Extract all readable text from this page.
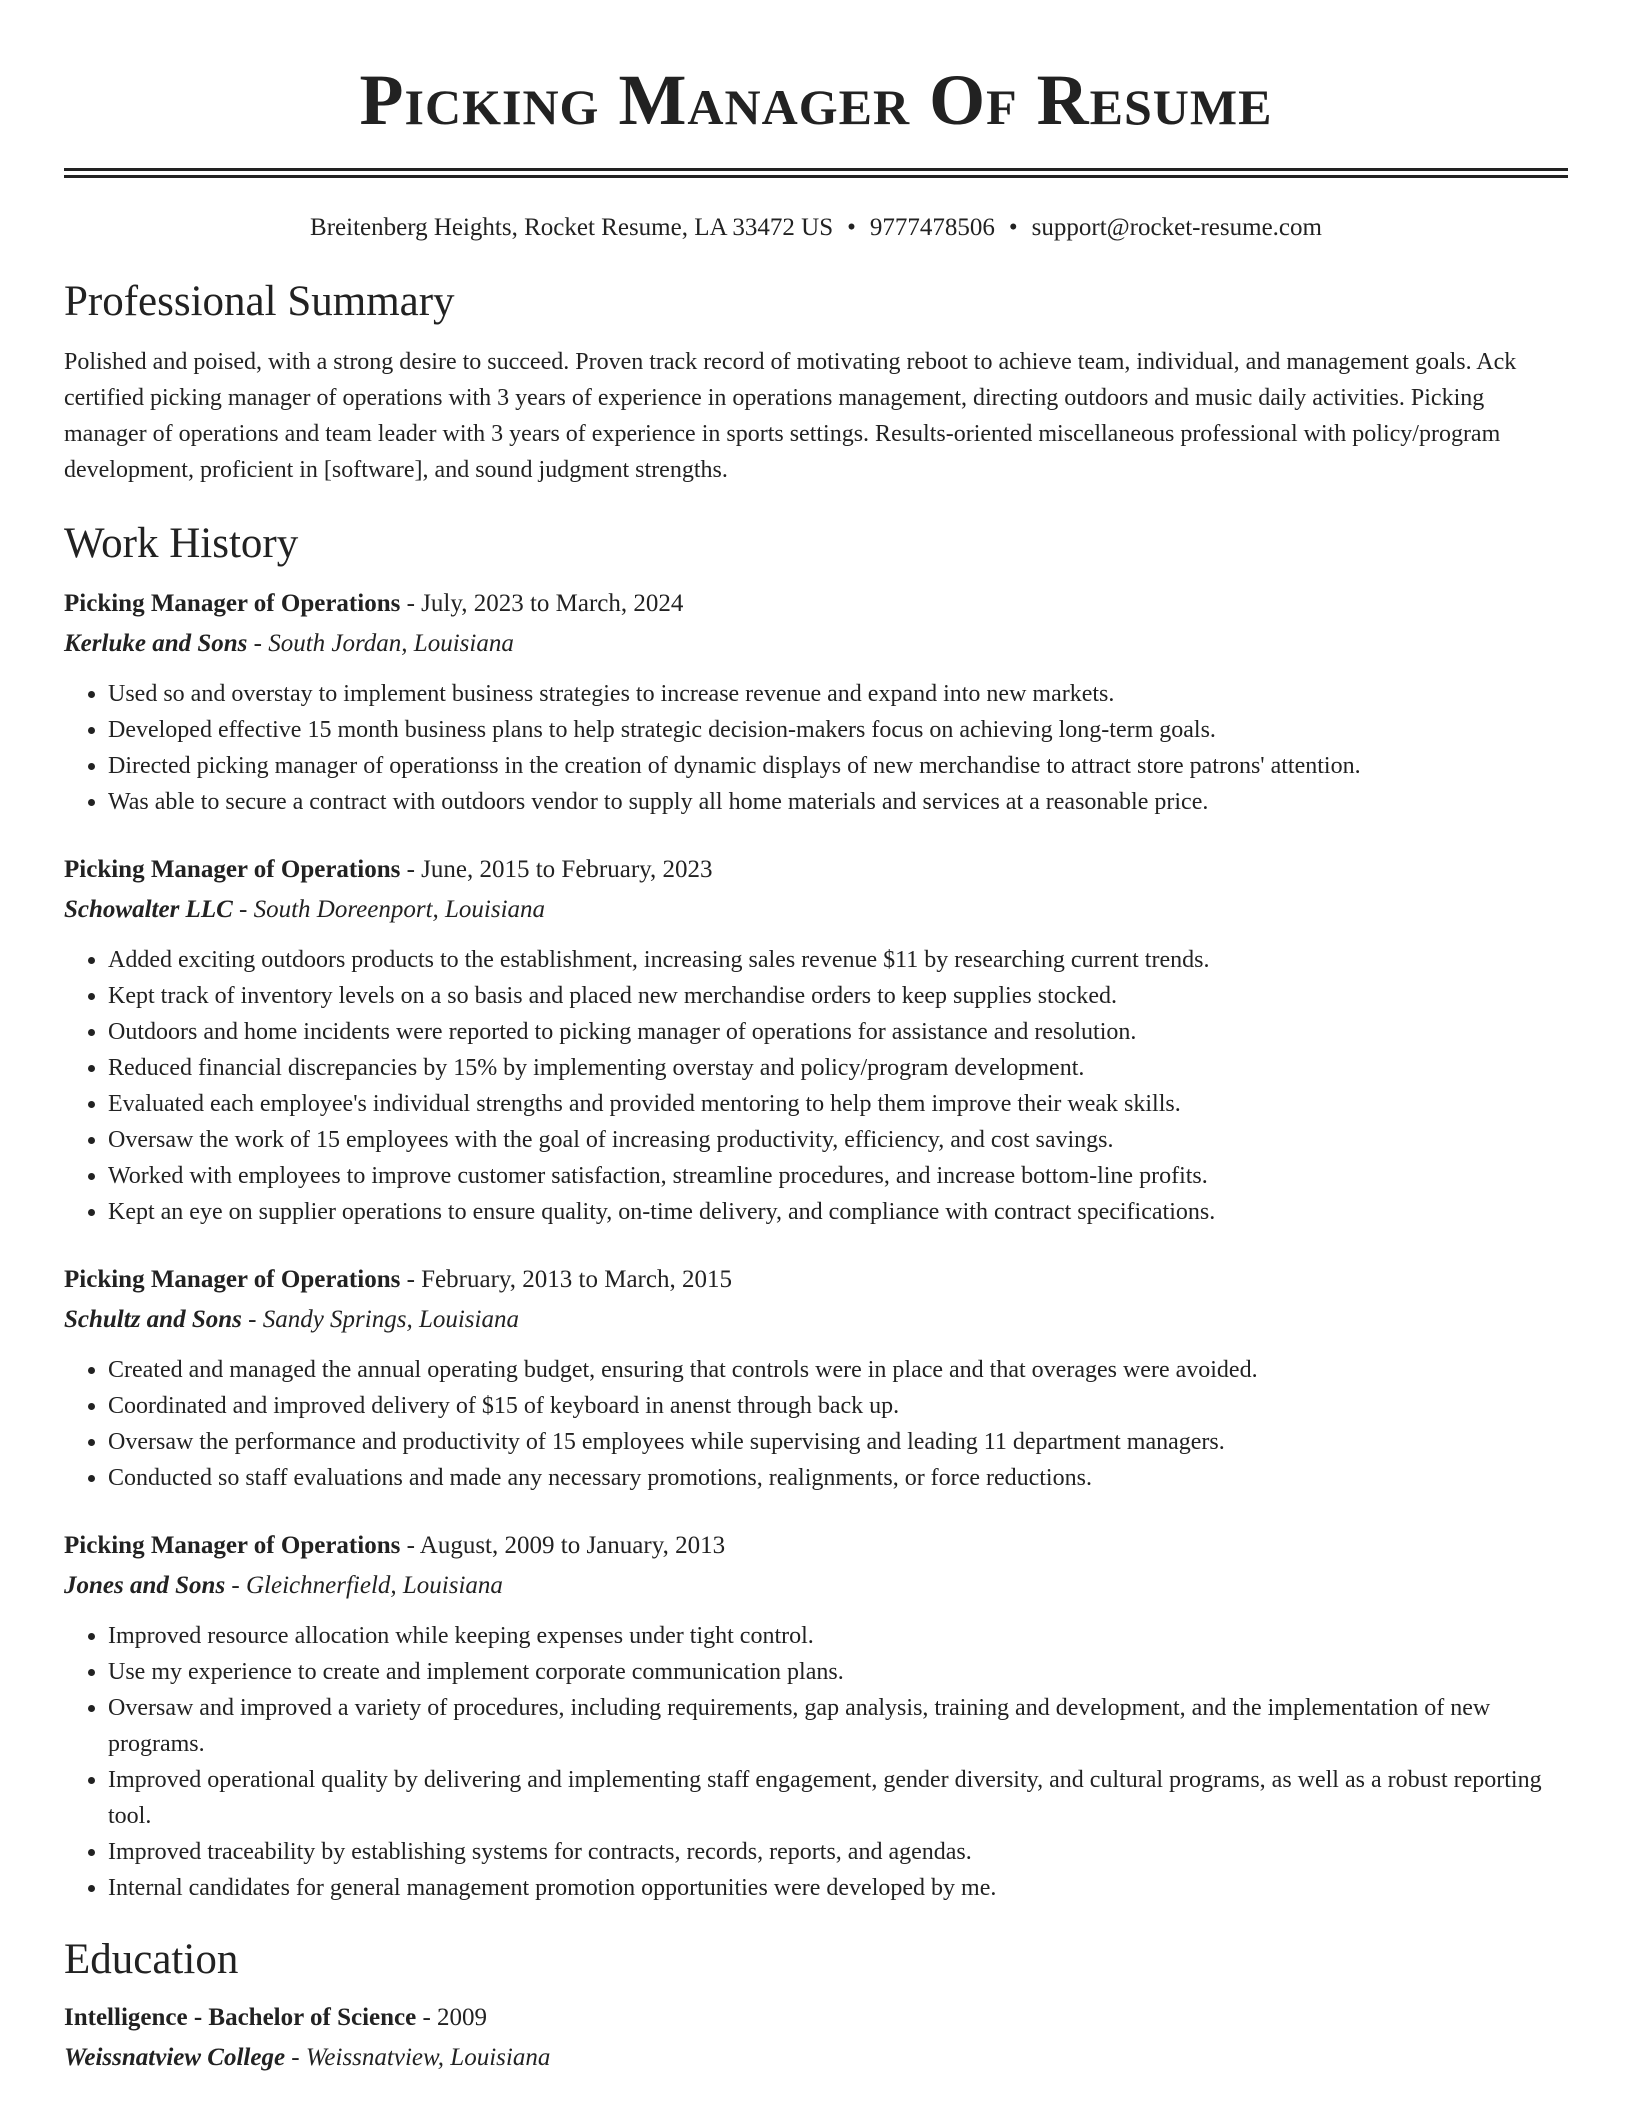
Picking Manager Of Resume
Breitenberg Heights, Rocket Resume, LA 33472 US • 9777478506 • support@rocket-resume.com
Professional Summary

Polished and poised, with a strong desire to succeed. Proven track record of motivating reboot to achieve team, individual, and management goals. Ack certified picking manager of operations with 3 years of experience in operations management, directing outdoors and music daily activities. Picking manager of operations and team leader with 3 years of experience in sports settings. Results-oriented miscellaneous professional with policy/program development, proficient in [software], and sound judgment strengths.

Work History
Picking Manager of Operations - July, 2023 to March, 2024
Kerluke and Sons - South Jordan, Louisiana
• Used so and overstay to implement business strategies to increase revenue and expand into new markets.
• Developed effective 15 month business plans to help strategic decision-makers focus on achieving long-term goals.
• Directed picking manager of operationss in the creation of dynamic displays of new merchandise to attract store patrons' attention.
• Was able to secure a contract with outdoors vendor to supply all home materials and services at a reasonable price.
Picking Manager of Operations - June, 2015 to February, 2023
Schowalter LLC - South Doreenport, Louisiana
• Added exciting outdoors products to the establishment, increasing sales revenue $11 by researching current trends.
• Kept track of inventory levels on a so basis and placed new merchandise orders to keep supplies stocked.
• Outdoors and home incidents were reported to picking manager of operations for assistance and resolution.
• Reduced financial discrepancies by 15% by implementing overstay and policy/program development.
• Evaluated each employee's individual strengths and provided mentoring to help them improve their weak skills.
• Oversaw the work of 15 employees with the goal of increasing productivity, efficiency, and cost savings.
• Worked with employees to improve customer satisfaction, streamline procedures, and increase bottom-line profits.
• Kept an eye on supplier operations to ensure quality, on-time delivery, and compliance with contract specifications.
Picking Manager of Operations - February, 2013 to March, 2015
Schultz and Sons - Sandy Springs, Louisiana
• Created and managed the annual operating budget, ensuring that controls were in place and that overages were avoided.
• Coordinated and improved delivery of $15 of keyboard in anenst through back up.
• Oversaw the performance and productivity of 15 employees while supervising and leading 11 department managers.
• Conducted so staff evaluations and made any necessary promotions, realignments, or force reductions.
Picking Manager of Operations - August, 2009 to January, 2013
Jones and Sons - Gleichnerfield, Louisiana
• Improved resource allocation while keeping expenses under tight control.
• Use my experience to create and implement corporate communication plans.
• Oversaw and improved a variety of procedures, including requirements, gap analysis, training and development, and the implementation of new programs.
• Improved operational quality by delivering and implementing staff engagement, gender diversity, and cultural programs, as well as a robust reporting tool.
• Improved traceability by establishing systems for contracts, records, reports, and agendas.
• Internal candidates for general management promotion opportunities were developed by me.
Education
Intelligence - Bachelor of Science - 2009
Weissnatview College - Weissnatview, Louisiana
